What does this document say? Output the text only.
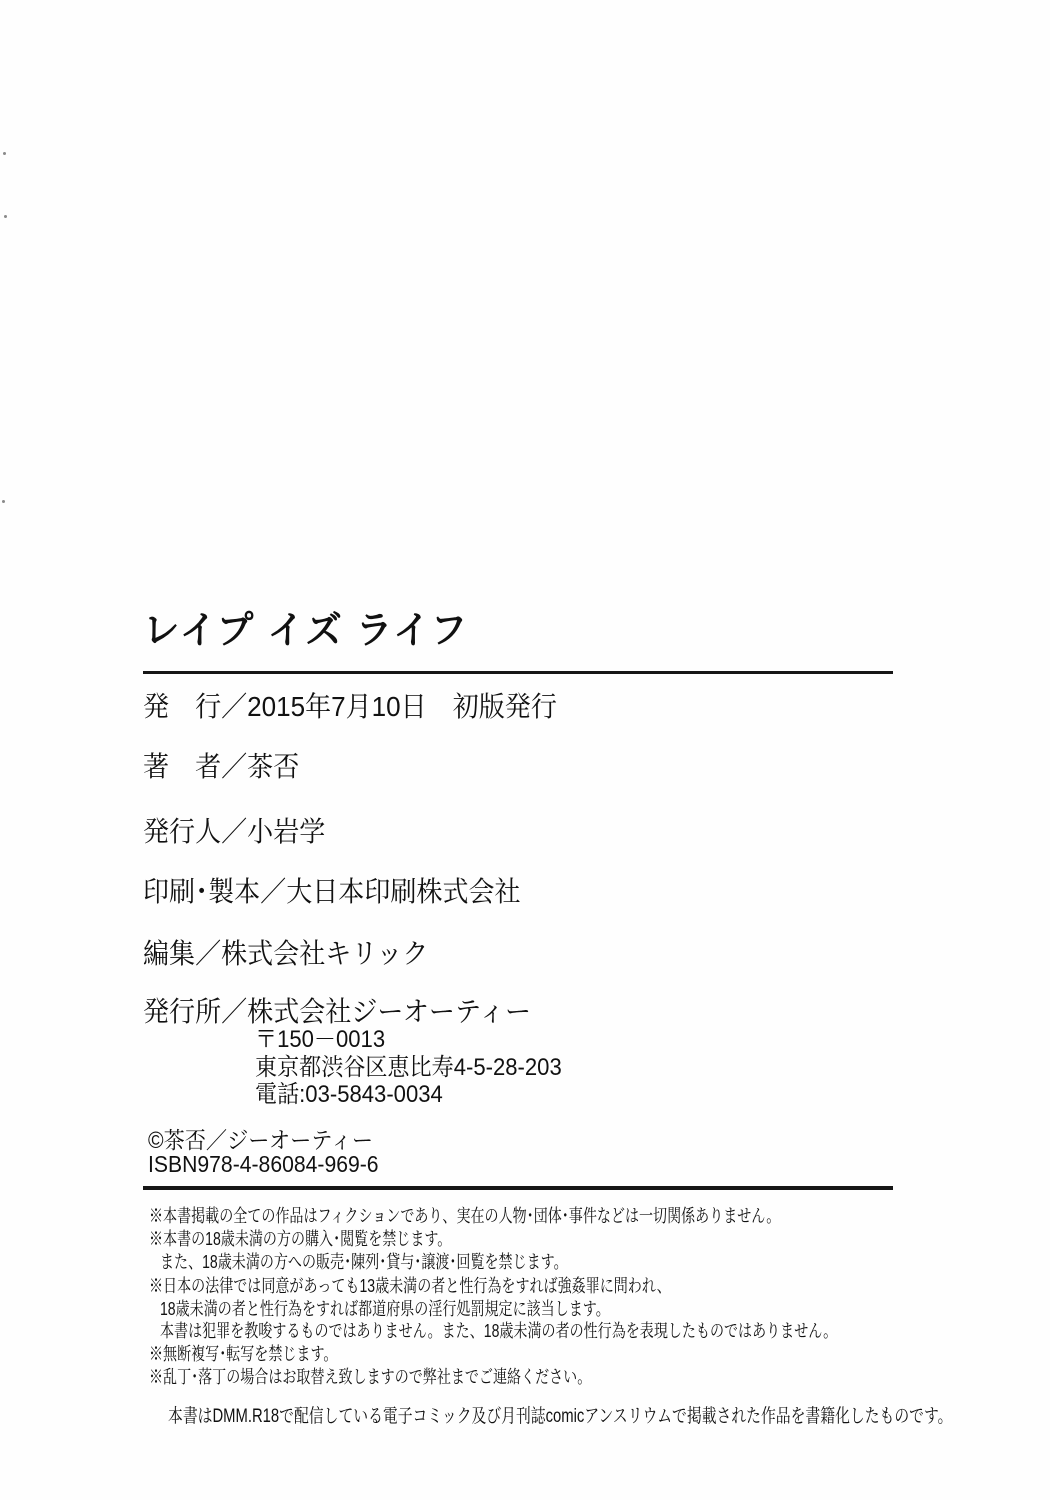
レイプ イズ ライフ
発　行／2015年7月10日　初版発行
著　者／茶否
発行人／小岩学
印刷･製本／大日本印刷株式会社
編集／株式会社キリック
発行所／株式会社ジーオーティー
〒150－0013
東京都渋谷区恵比寿4-5-28-203
電話:03-5843-0034
©茶否／ジーオーティー
ISBN978-4-86084-969-6
※本書掲載の全ての作品はフィクションであり、実在の人物･団体･事件などは一切関係ありません。
※本書の18歳未満の方の購入･閲覧を禁じます。
また、18歳未満の方への販売･陳列･貸与･譲渡･回覧を禁じます。
※日本の法律では同意があっても13歳未満の者と性行為をすれば強姦罪に問われ、
18歳未満の者と性行為をすれば都道府県の淫行処罰規定に該当します。
本書は犯罪を教唆するものではありません。また、18歳未満の者の性行為を表現したものではありません。
※無断複写･転写を禁じます。
※乱丁･落丁の場合はお取替え致しますので弊社までご連絡ください。
本書はDMM.R18で配信している電子コミック及び月刊誌comicアンスリウムで掲載された作品を書籍化したものです。
